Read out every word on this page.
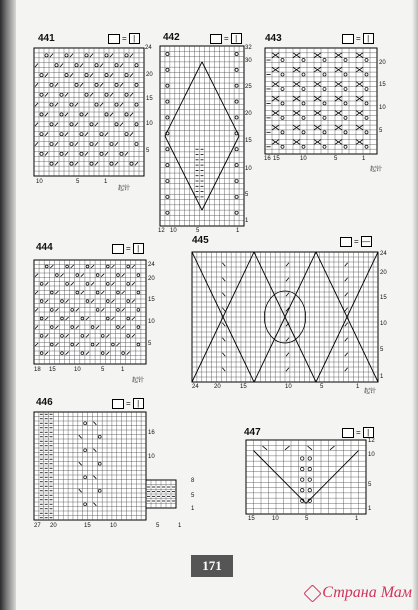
441	= |
24
10	5	1
起针
20
15
10
5
442	= |
32
30
25
20
15
10
5
1
12 10	5	1
443	= |
20
15
10
5
16 15	10	5	1
起针
444	= |
24
20
15
10
5
18 15	10	5	1
起针
445	= —
24
20
15
10
5
1
24	20	15	10	5	1
起针
446	= |
16
10
8
5
1
27 20	15	10	5	1
447	= |
12
10
5
1
15	10	5	1
171
Страна Мам
